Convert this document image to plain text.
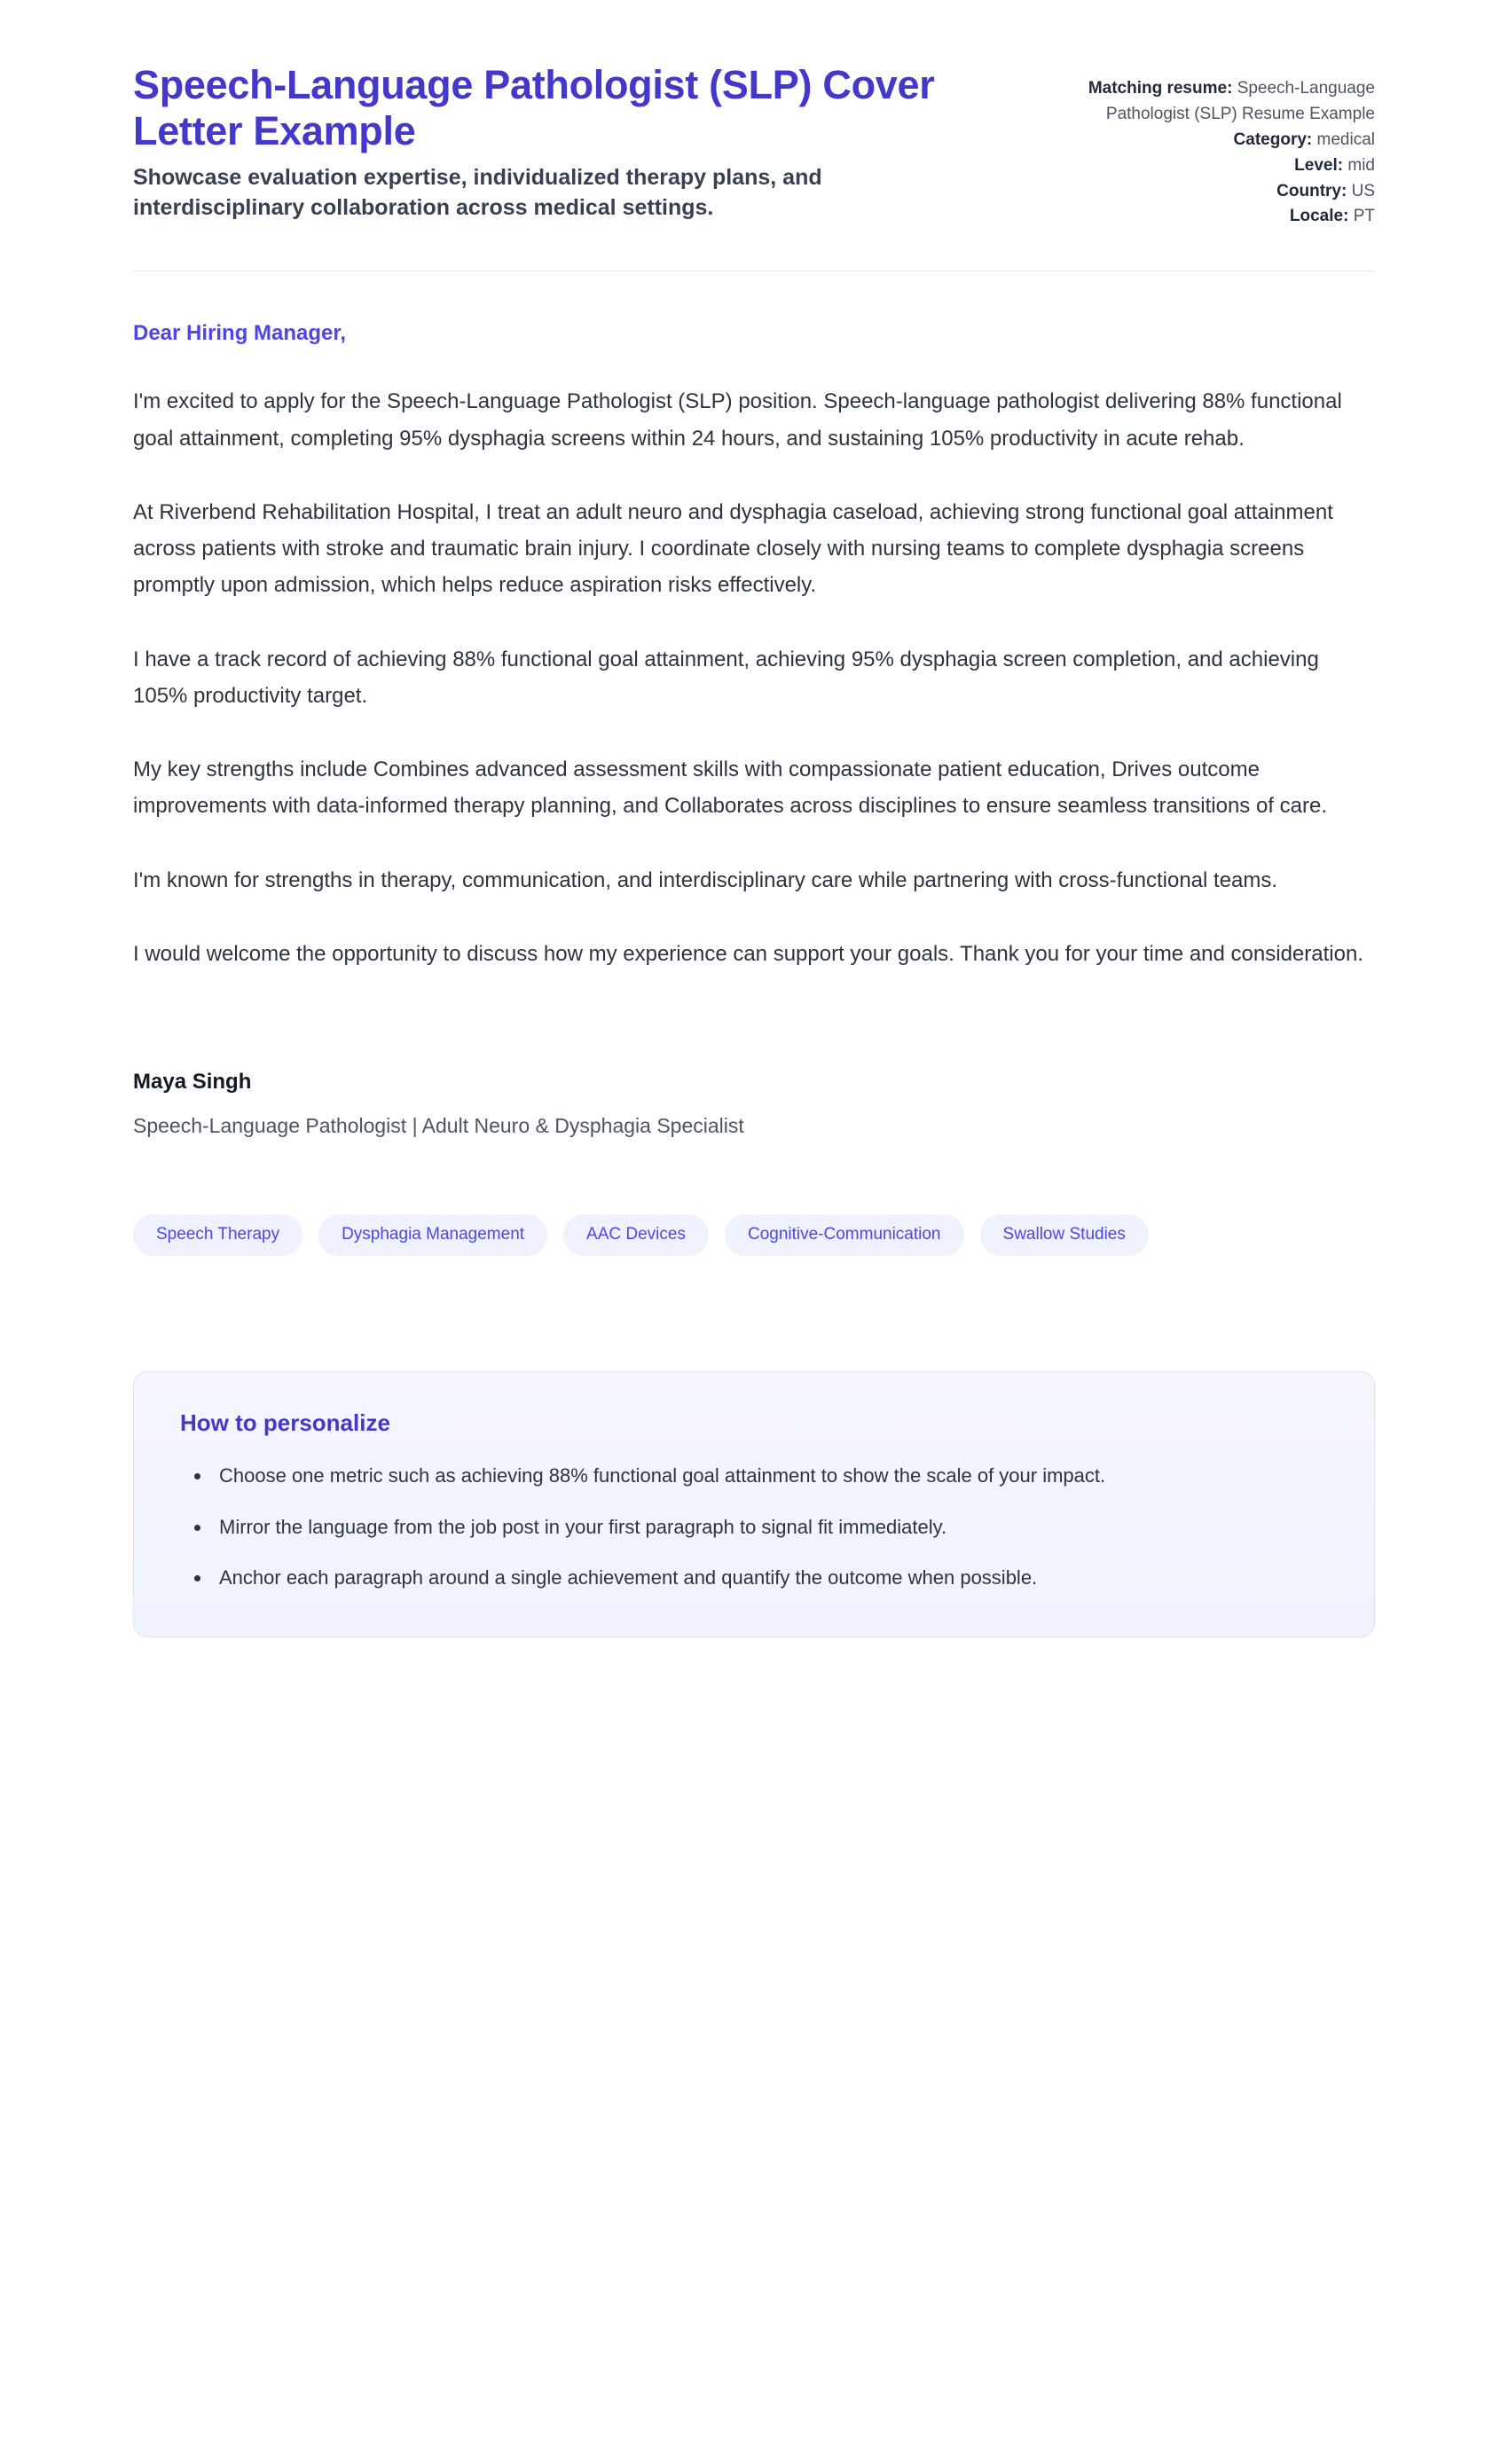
Speech-Language Pathologist (SLP) Cover Letter Example

Showcase evaluation expertise, individualized therapy plans, and interdisciplinary collaboration across medical settings.

Matching resume: Speech-Language Pathologist (SLP) Resume Example
Category: medical
Level: mid
Country: US
Locale: PT

Dear Hiring Manager,

I'm excited to apply for the Speech-Language Pathologist (SLP) position. Speech-language pathologist delivering 88% functional goal attainment, completing 95% dysphagia screens within 24 hours, and sustaining 105% productivity in acute rehab.

At Riverbend Rehabilitation Hospital, I treat an adult neuro and dysphagia caseload, achieving strong functional goal attainment across patients with stroke and traumatic brain injury. I coordinate closely with nursing teams to complete dysphagia screens promptly upon admission, which helps reduce aspiration risks effectively.

I have a track record of achieving 88% functional goal attainment, achieving 95% dysphagia screen completion, and achieving 105% productivity target.

My key strengths include Combines advanced assessment skills with compassionate patient education, Drives outcome improvements with data-informed therapy planning, and Collaborates across disciplines to ensure seamless transitions of care.

I'm known for strengths in therapy, communication, and interdisciplinary care while partnering with cross-functional teams.

I would welcome the opportunity to discuss how my experience can support your goals. Thank you for your time and consideration.

Maya Singh

Speech-Language Pathologist | Adult Neuro & Dysphagia Specialist

Speech Therapy	Dysphagia Management	AAC Devices	Cognitive-Communication	Swallow Studies
How to personalize
• Choose one metric such as achieving 88% functional goal attainment to show the scale of your impact.
• Mirror the language from the job post in your first paragraph to signal fit immediately.
• Anchor each paragraph around a single achievement and quantify the outcome when possible.
